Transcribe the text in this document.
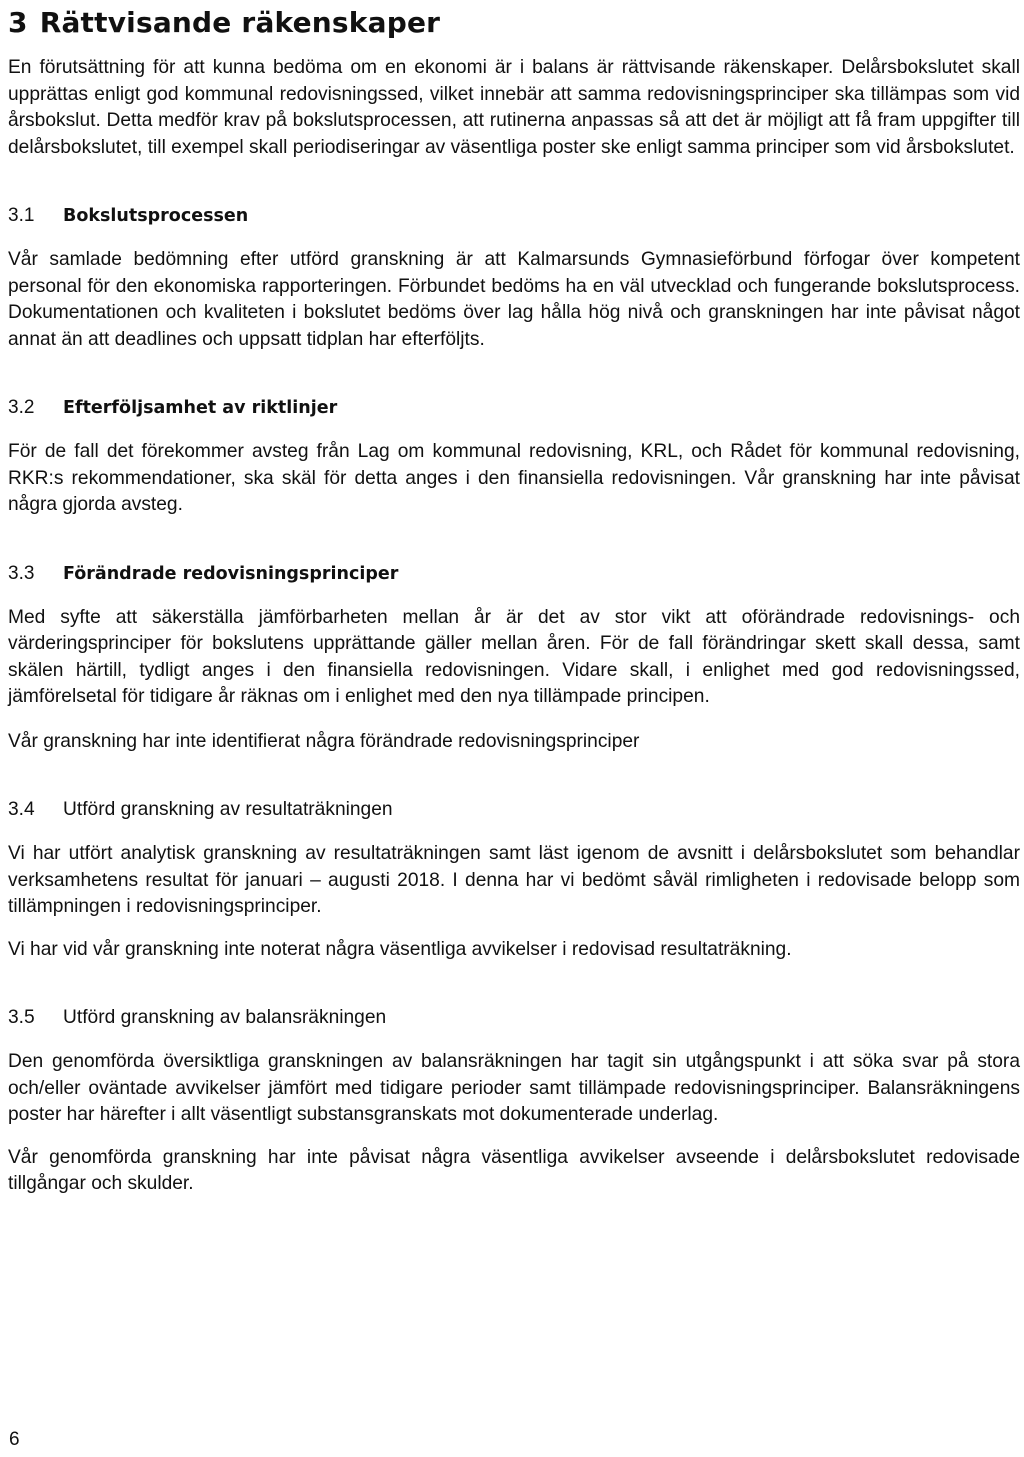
3 Rättvisande räkenskaper

En förutsättning för att kunna bedöma om en ekonomi är i balans är rättvisande räkenskaper. Delårsbokslutet skall upprättas enligt god kommunal redovisningssed, vilket innebär att samma redovisningsprinciper ska tillämpas som vid årsbokslut. Detta medför krav på bokslutsprocessen, att rutinerna anpassas så att det är möjligt att få fram uppgifter till delårsbokslutet, till exempel skall periodiseringar av väsentliga poster ske enligt samma principer som vid årsbokslutet.

3.1 Bokslutsprocessen

Vår samlade bedömning efter utförd granskning är att Kalmarsunds Gymnasieförbund förfogar över kompetent personal för den ekonomiska rapporteringen. Förbundet bedöms ha en väl utvecklad och fungerande bokslutsprocess. Dokumentationen och kvaliteten i bokslutet bedöms över lag hålla hög nivå och granskningen har inte påvisat något annat än att deadlines och uppsatt tidplan har efterföljts.

3.2 Efterföljsamhet av riktlinjer

För de fall det förekommer avsteg från Lag om kommunal redovisning, KRL, och Rådet för kommunal redovisning, RKR:s rekommendationer, ska skäl för detta anges i den finansiella redovisningen. Vår granskning har inte påvisat några gjorda avsteg.

3.3 Förändrade redovisningsprinciper

Med syfte att säkerställa jämförbarheten mellan år är det av stor vikt att oförändrade redovisnings- och värderingsprinciper för bokslutens upprättande gäller mellan åren. För de fall förändringar skett skall dessa, samt skälen härtill, tydligt anges i den finansiella redovisningen. Vidare skall, i enlighet med god redovisningssed, jämförelsetal för tidigare år räknas om i enlighet med den nya tillämpade principen.

Vår granskning har inte identifierat några förändrade redovisningsprinciper

3.4 Utförd granskning av resultaträkningen

Vi har utfört analytisk granskning av resultaträkningen samt läst igenom de avsnitt i delårsbokslutet som behandlar verksamhetens resultat för januari – augusti 2018. I denna har vi bedömt såväl rimligheten i redovisade belopp som tillämpningen i redovisningsprinciper.

Vi har vid vår granskning inte noterat några väsentliga avvikelser i redovisad resultaträkning.

3.5 Utförd granskning av balansräkningen

Den genomförda översiktliga granskningen av balansräkningen har tagit sin utgångspunkt i att söka svar på stora och/eller oväntade avvikelser jämfört med tidigare perioder samt tillämpade redovisningsprinciper. Balansräkningens poster har härefter i allt väsentligt substansgranskats mot dokumenterade underlag.

Vår genomförda granskning har inte påvisat några väsentliga avvikelser avseende i delårsbokslutet redovisade tillgångar och skulder.

6
